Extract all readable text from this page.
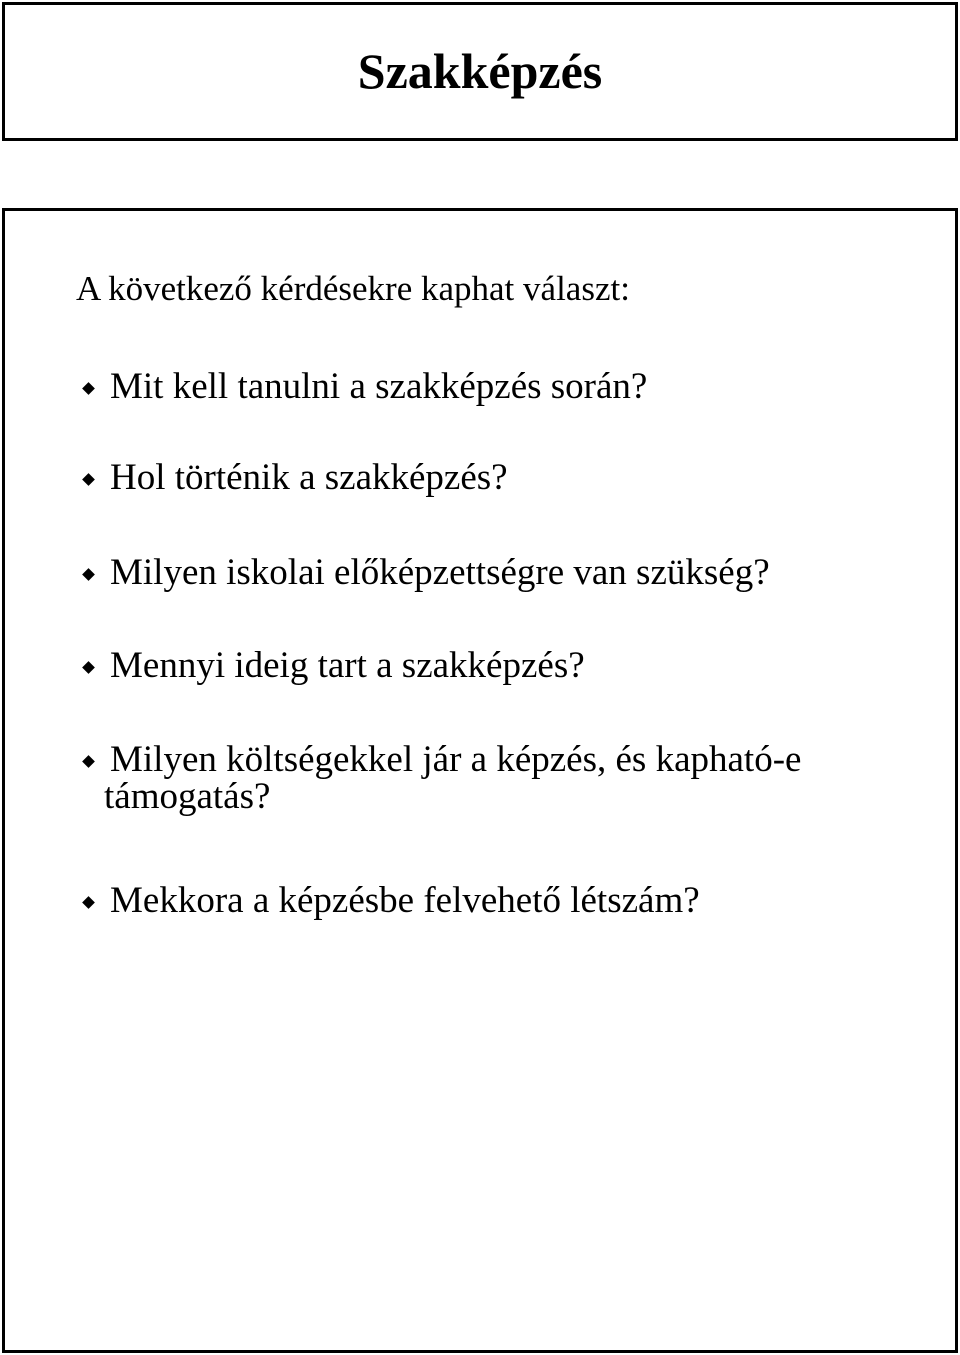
Szakképzés
A következő kérdésekre kaphat választ:
Mit kell tanulni a szakképzés során?
Hol történik a szakképzés?
Milyen iskolai előképzettségre van szükség?
Mennyi ideig tart a szakképzés?
Milyen költségekkel jár a képzés, és kapható-e
támogatás?
Mekkora a képzésbe felvehető létszám?
